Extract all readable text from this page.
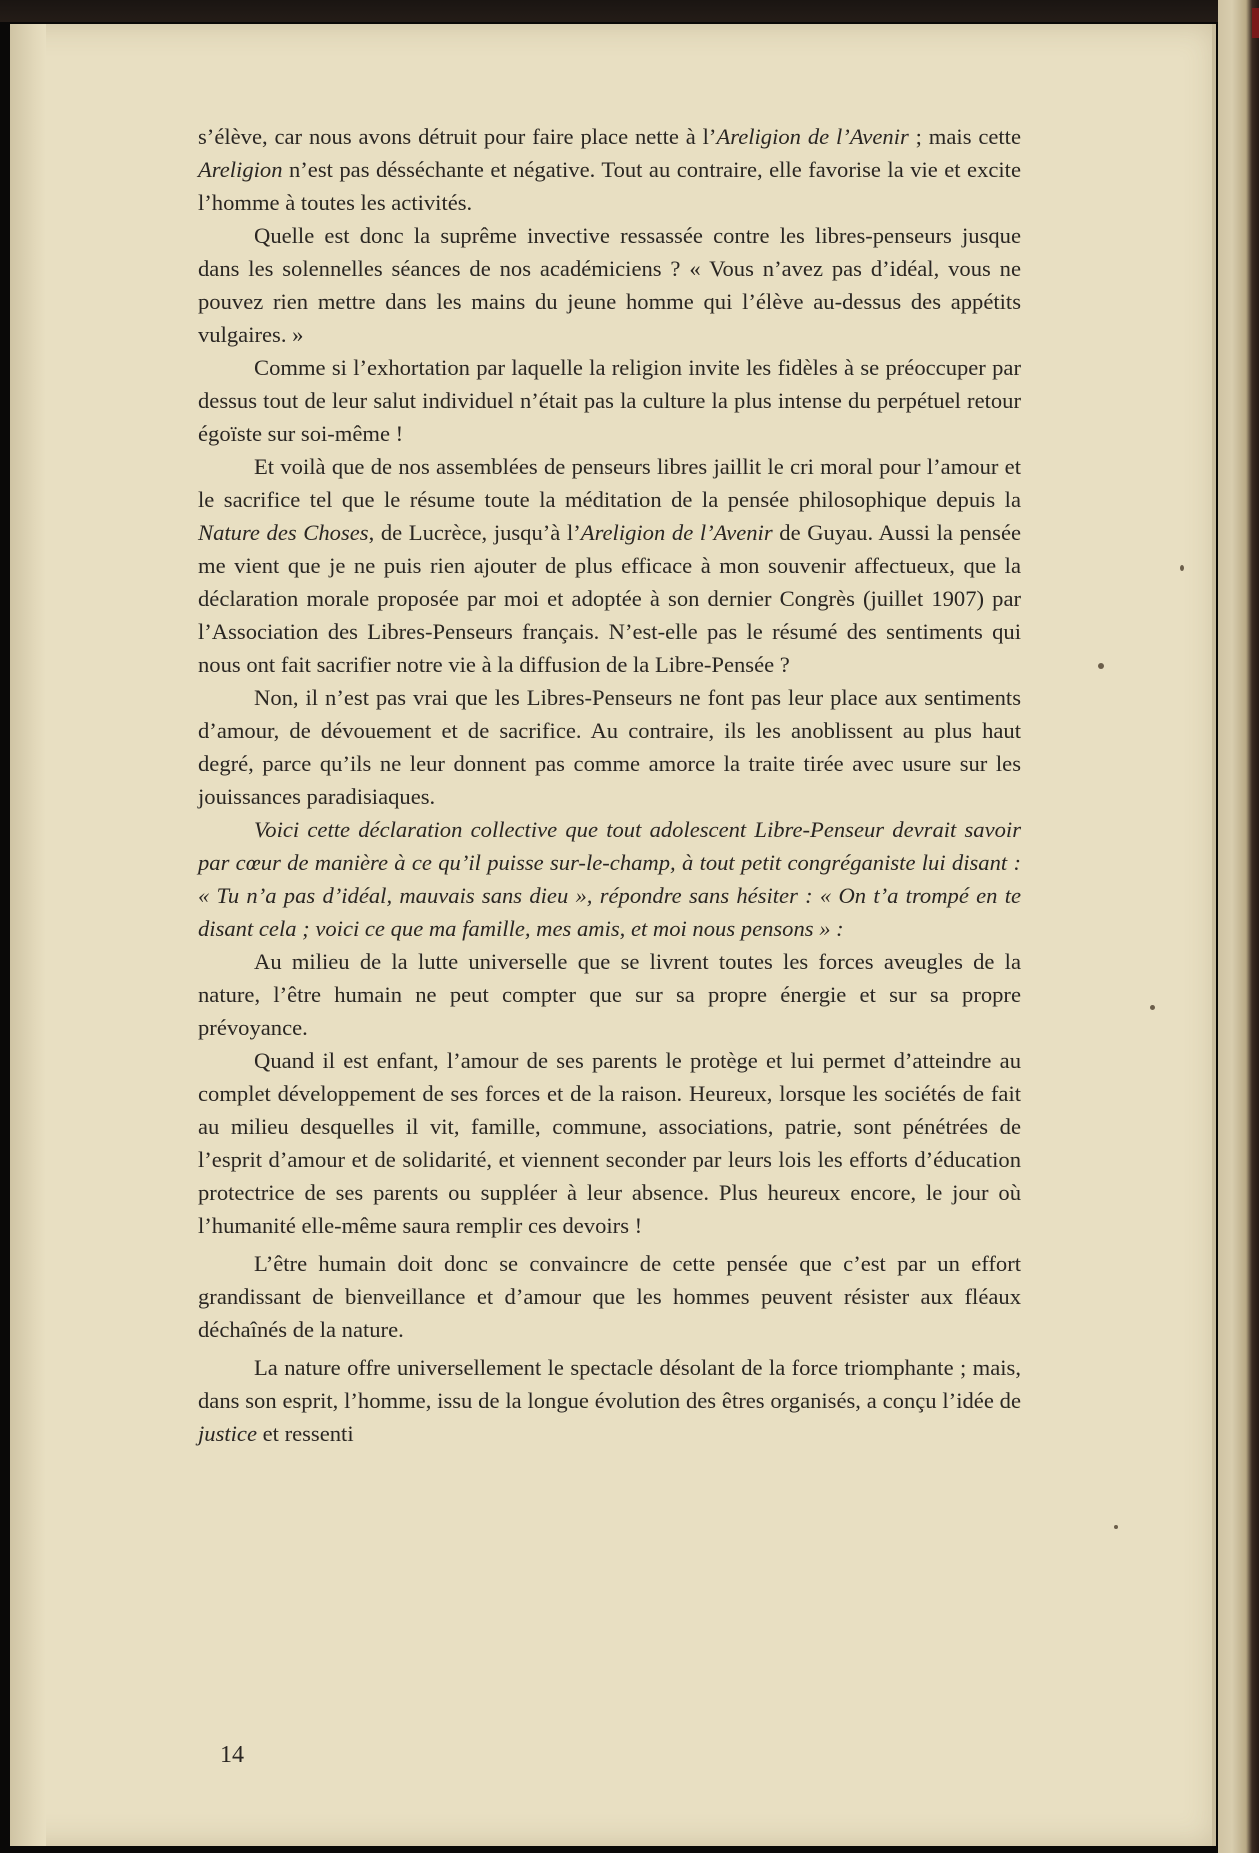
s’élève, car nous avons détruit pour faire place nette à l’Areligion de l’Avenir ; mais cette Areligion n’est pas désséchante et négative. Tout au contraire, elle favorise la vie et excite l’homme à toutes les activités.

Quelle est donc la suprême invective ressassée contre les libres-penseurs jusque dans les solennelles séances de nos académiciens ? « Vous n’avez pas d’idéal, vous ne pouvez rien mettre dans les mains du jeune homme qui l’élève au-dessus des appétits vulgaires. »

Comme si l’exhortation par laquelle la religion invite les fidèles à se préoccuper par dessus tout de leur salut individuel n’était pas la culture la plus intense du perpétuel retour égoïste sur soi-même !

Et voilà que de nos assemblées de penseurs libres jaillit le cri moral pour l’amour et le sacrifice tel que le résume toute la méditation de la pensée philosophique depuis la Nature des Choses, de Lucrèce, jusqu’à l’Areligion de l’Avenir de Guyau. Aussi la pensée me vient que je ne puis rien ajouter de plus efficace à mon souvenir affectueux, que la déclaration morale proposée par moi et adoptée à son dernier Congrès (juillet 1907) par l’Association des Libres-Penseurs français. N’est-elle pas le résumé des sentiments qui nous ont fait sacrifier notre vie à la diffusion de la Libre-Pensée ?

Non, il n’est pas vrai que les Libres-Penseurs ne font pas leur place aux sentiments d’amour, de dévouement et de sacrifice. Au contraire, ils les anoblissent au plus haut degré, parce qu’ils ne leur donnent pas comme amorce la traite tirée avec usure sur les jouissances paradisiaques.

Voici cette déclaration collective que tout adolescent Libre-Penseur devrait savoir par cœur de manière à ce qu’il puisse sur-le-champ, à tout petit congréganiste lui disant : « Tu n’a pas d’idéal, mauvais sans dieu », répondre sans hésiter : « On t’a trompé en te disant cela ; voici ce que ma famille, mes amis, et moi nous pensons » :

Au milieu de la lutte universelle que se livrent toutes les forces aveugles de la nature, l’être humain ne peut compter que sur sa propre énergie et sur sa propre prévoyance.

Quand il est enfant, l’amour de ses parents le protège et lui permet d’atteindre au complet développement de ses forces et de la raison. Heureux, lorsque les sociétés de fait au milieu desquelles il vit, famille, commune, associations, patrie, sont pénétrées de l’esprit d’amour et de solidarité, et viennent seconder par leurs lois les efforts d’éducation protectrice de ses parents ou suppléer à leur absence. Plus heureux encore, le jour où l’humanité elle-même saura remplir ces devoirs !

L’être humain doit donc se convaincre de cette pensée que c’est par un effort grandissant de bienveillance et d’amour que les hommes peuvent résister aux fléaux déchaînés de la nature.

La nature offre universellement le spectacle désolant de la force triomphante ; mais, dans son esprit, l’homme, issu de la longue évolution des êtres organisés, a conçu l’idée de justice et ressenti

14
